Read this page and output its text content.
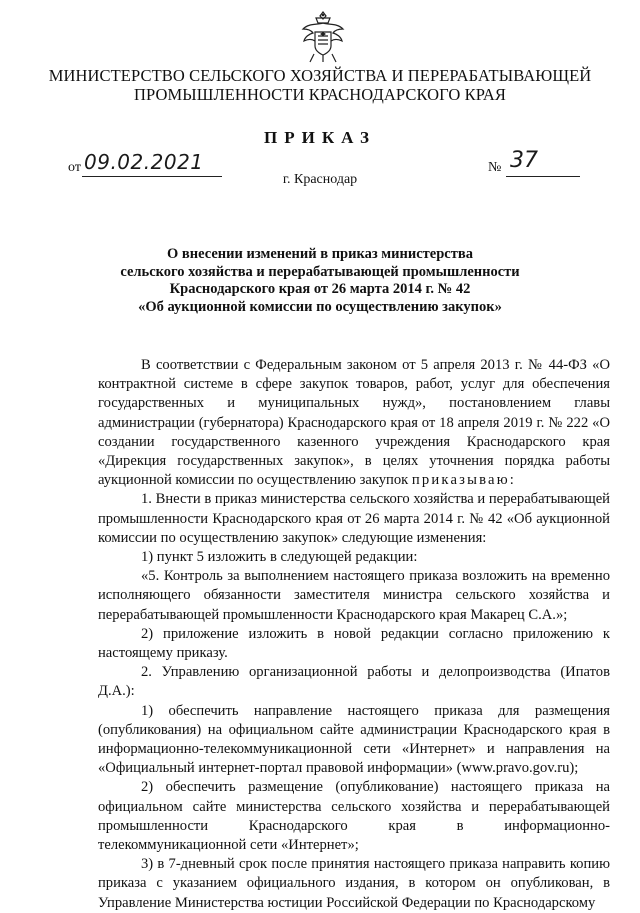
МИНИСТЕРСТВО СЕЛЬСКОГО ХОЗЯЙСТВА И ПЕРЕРАБАТЫВАЮЩЕЙ
ПРОМЫШЛЕННОСТИ КРАСНОДАРСКОГО КРАЯ
ПРИКАЗ
от 09.02.2021	№ 37
г. Краснодар
О внесении изменений в приказ министерства
сельского хозяйства и перерабатывающей промышленности
Краснодарского края от 26 марта 2014 г. № 42
«Об аукционной комиссии по осуществлению закупок»

В соответствии с Федеральным законом от 5 апреля 2013 г. № 44-ФЗ «О контрактной системе в сфере закупок товаров, работ, услуг для обеспечения государственных и муниципальных нужд», постановлением главы администрации (губернатора) Краснодарского края от 18 апреля 2019 г. № 222 «О создании государственного казенного учреждения Краснодарского края «Дирекция государственных закупок», в целях уточнения порядка работы аукционной комиссии по осуществлению закупок приказываю:

1. Внести в приказ министерства сельского хозяйства и перерабатывающей промышленности Краснодарского края от 26 марта 2014 г. № 42 «Об аукционной комиссии по осуществлению закупок» следующие изменения:

1) пункт 5 изложить в следующей редакции:

«5. Контроль за выполнением настоящего приказа возложить на временно исполняющего обязанности заместителя министра сельского хозяйства и перерабатывающей промышленности Краснодарского края Макарец С.А.»;

2) приложение изложить в новой редакции согласно приложению к настоящему приказу.

2. Управлению организационной работы и делопроизводства (Ипатов Д.А.):

1) обеспечить направление настоящего приказа для размещения (опубликования) на официальном сайте администрации Краснодарского края в информационно-телекоммуникационной сети «Интернет» и направления на «Официальный интернет-портал правовой информации» (www.pravo.gov.ru);

2) обеспечить размещение (опубликование) настоящего приказа на официальном сайте министерства сельского хозяйства и перерабатывающей промышленности Краснодарского края в информационно-телекоммуникационной сети «Интернет»;

3) в 7-дневный срок после принятия настоящего приказа направить копию приказа с указанием официального издания, в котором он опубликован, в Управление Министерства юстиции Российской Федерации по Краснодарскому
